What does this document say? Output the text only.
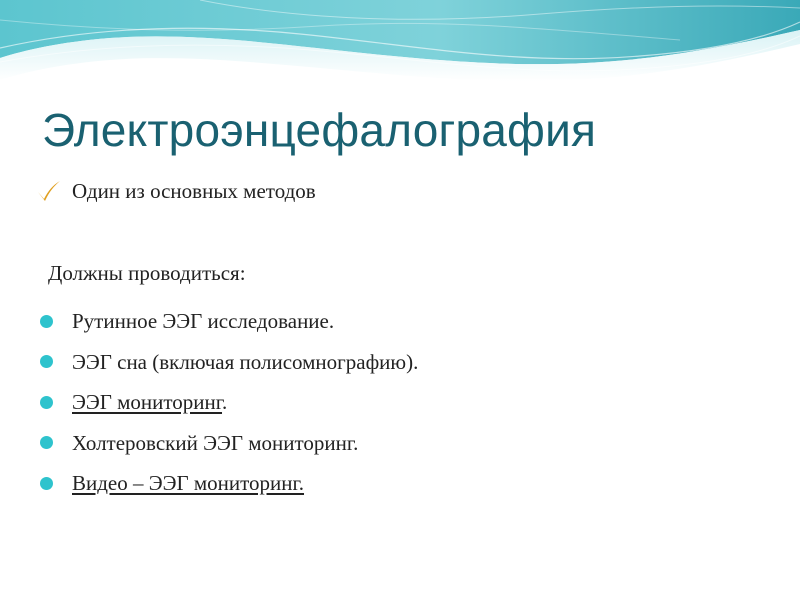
Электроэнцефалография
Один из основных методов
Должны проводиться:
Рутинное ЭЭГ исследование.
ЭЭГ сна (включая полисомнографию).
ЭЭГ мониторинг.
Холтеровский ЭЭГ мониторинг.
Видео – ЭЭГ мониторинг.
